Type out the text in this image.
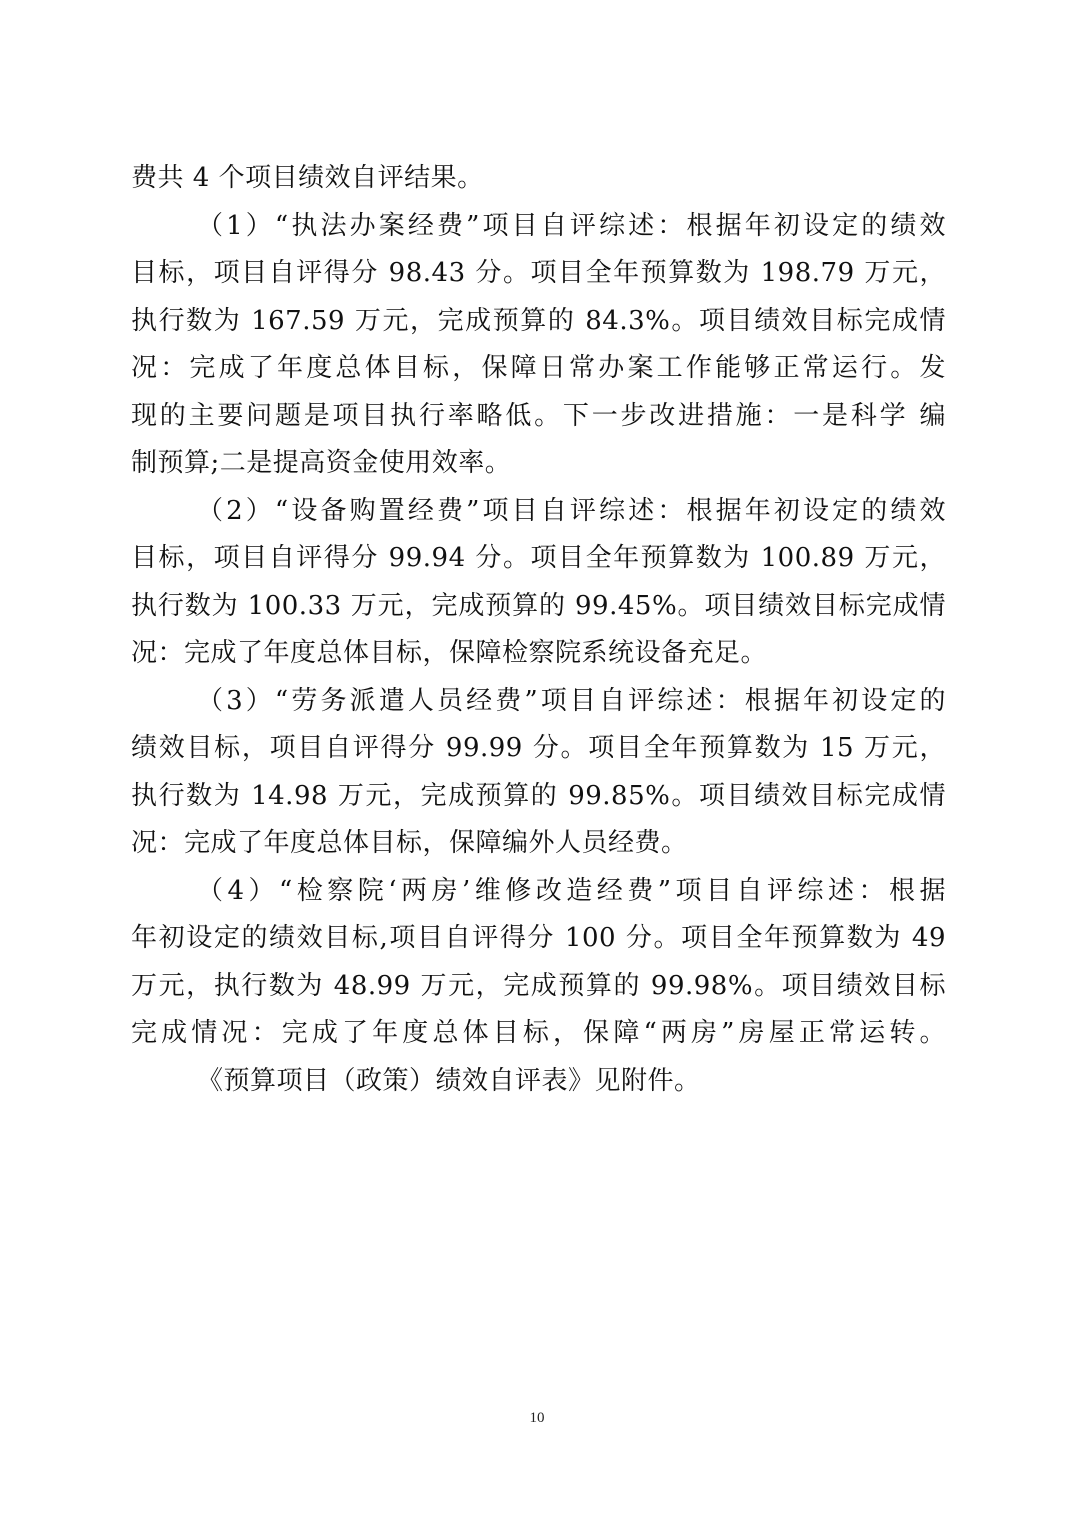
费共 4 个项目绩效自评结果。
（1）“执法办案经费”项目自评综述：根据年初设定的绩效
目标，项目自评得分 98.43 分。项目全年预算数为 198.79 万元，
执行数为 167.59 万元，完成预算的 84.3%。项目绩效目标完成情
况：完成了年度总体目标，保障日常办案工作能够正常运行。发
现的主要问题是项目执行率略低。下一步改进措施：一是科学 编
制预算;二是提高资金使用效率。
（2）“设备购置经费”项目自评综述：根据年初设定的绩效
目标，项目自评得分 99.94 分。项目全年预算数为 100.89 万元，
执行数为 100.33 万元，完成预算的 99.45%。项目绩效目标完成情
况：完成了年度总体目标，保障检察院系统设备充足。
（3）“劳务派遣人员经费”项目自评综述：根据年初设定的
绩效目标，项目自评得分 99.99 分。项目全年预算数为 15 万元，
执行数为 14.98 万元，完成预算的 99.85%。项目绩效目标完成情
况：完成了年度总体目标，保障编外人员经费。
（4）“检察院‘两房’维修改造经费”项目自评综述：根据
年初设定的绩效目标,项目自评得分 100 分。项目全年预算数为 49
万元，执行数为 48.99 万元，完成预算的 99.98%。项目绩效目标
完成情况：完成了年度总体目标，保障“两房”房屋正常运转。
《预算项目（政策）绩效自评表》见附件。
10
